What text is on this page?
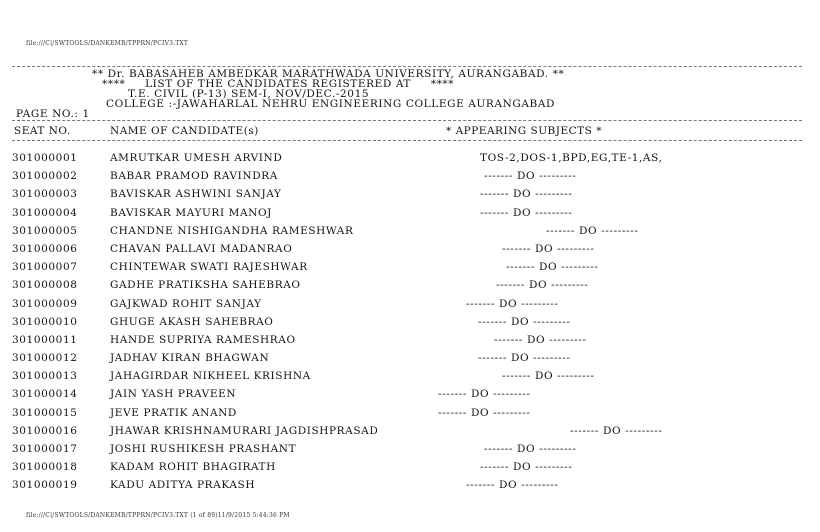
file:///C|/SWTOOLS/DANKEMR/TPPRN/PCIV3.TXT
** Dr. BABASAHEB AMBEDKAR MARATHWADA UNIVERSITY, AURANGABAD. **
****     LIST OF THE CANDIDATES REGISTERED AT     ****
T.E. CIVIL (P-13) SEM-I, NOV/DEC.-2015
COLLEGE :-JAWAHARLAL NEHRU ENGINEERING COLLEGE AURANGABAD
PAGE NO.: 1
SEAT NO.	NAME OF CANDIDATE(s)	* APPEARING SUBJECTS *
301000001	AMRUTKAR UMESH ARVIND	TOS-2,DOS-1,BPD,EG,TE-1,AS,
301000002	BABAR PRAMOD RAVINDRA	------- DO ---------
301000003	BAVISKAR ASHWINI SANJAY	------- DO ---------
301000004	BAVISKAR MAYURI MANOJ	------- DO ---------
301000005	CHANDNE NISHIGANDHA RAMESHWAR	------- DO ---------
301000006	CHAVAN PALLAVI MADANRAO	------- DO ---------
301000007	CHINTEWAR SWATI RAJESHWAR	------- DO ---------
301000008	GADHE PRATIKSHA SAHEBRAO	------- DO ---------
301000009	GAJKWAD ROHIT SANJAY	------- DO ---------
301000010	GHUGE AKASH SAHEBRAO	------- DO ---------
301000011	HANDE SUPRIYA RAMESHRAO	------- DO ---------
301000012	JADHAV KIRAN BHAGWAN	------- DO ---------
301000013	JAHAGIRDAR NIKHEEL KRISHNA	------- DO ---------
301000014	JAIN YASH PRAVEEN	------- DO ---------
301000015	JEVE PRATIK ANAND	------- DO ---------
301000016	JHAWAR KRISHNAMURARI JAGDISHPRASAD	------- DO ---------
301000017	JOSHI RUSHIKESH PRASHANT	------- DO ---------
301000018	KADAM ROHIT BHAGIRATH	------- DO ---------
301000019	KADU ADITYA PRAKASH	------- DO ---------
file:///C|/SWTOOLS/DANKEMR/TPPRN/PCIV3.TXT (1 of 89)11/9/2015 5:44:36 PM
